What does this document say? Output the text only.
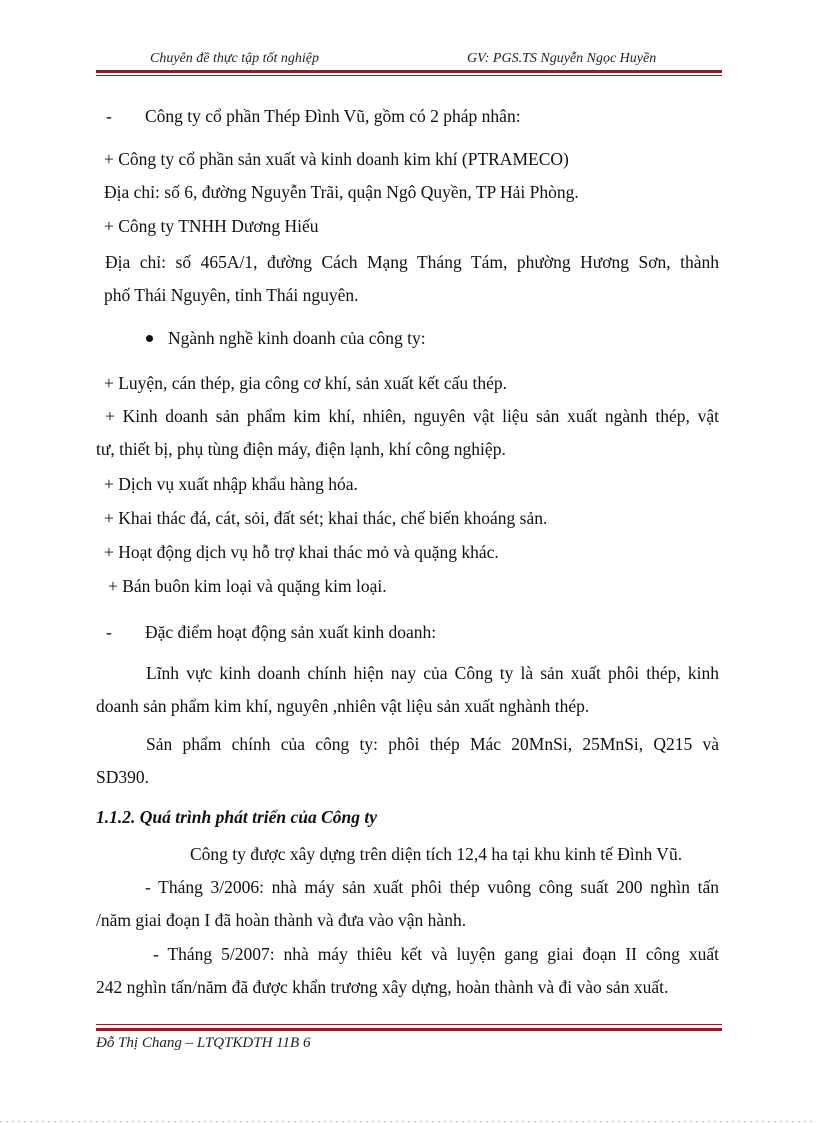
Chuyên đề thực tập tốt nghiệp	GV: PGS.TS Nguyễn Ngọc Huyền
- Công ty cổ phần Thép Đình Vũ, gồm có 2 pháp nhân:
+ Công ty cổ phần sản xuất và kinh doanh kim khí (PTRAMECO)
Địa chỉ: số 6, đường Nguyễn Trãi, quận Ngô Quyền, TP Hải Phòng.
+ Công ty TNHH Dương Hiếu
Địa chỉ: số 465A/1, đường Cách Mạng Tháng Tám, phường Hương Sơn, thành
phố Thái Nguyên, tỉnh Thái nguyên.
Ngành nghề kinh doanh của công ty:
+ Luyện, cán thép, gia công cơ khí, sản xuất kết cấu thép.
+ Kinh doanh sản phẩm kim khí, nhiên, nguyên vật liệu sản xuất ngành thép, vật
tư, thiết bị, phụ tùng điện máy, điện lạnh, khí công nghiệp.
+ Dịch vụ xuất nhập khẩu hàng hóa.
+ Khai thác đá, cát, sỏi, đất sét; khai thác, chế biến khoáng sản.
+ Hoạt động dịch vụ hỗ trợ khai thác mỏ và quặng khác.
+ Bán buôn kim loại và quặng kim loại.
- Đặc điểm hoạt động sản xuất kinh doanh:
Lĩnh vực kinh doanh chính hiện nay của Công ty là sản xuất phôi thép, kinh
doanh sản phẩm kim khí, nguyên ,nhiên vật liệu sản xuất nghành thép.
Sản phẩm chính của công ty: phôi thép Mác 20MnSi, 25MnSi, Q215 và
SD390.
1.1.2. Quá trình phát triển của Công ty
Công ty được xây dựng trên diện tích 12,4 ha tại khu kinh tế Đình Vũ.
- Tháng 3/2006: nhà máy sản xuất phôi thép vuông công suất 200 nghìn tấn
/năm giai đoạn I đã hoàn thành và đưa vào vận hành.
- Tháng 5/2007: nhà máy thiêu kết và luyện gang giai đoạn II công xuất
242 nghìn tấn/năm đã được khẩn trương xây dựng, hoàn thành và đi vào sản xuất.
Đỗ Thị Chang – LTQTKDTH 11B 6
